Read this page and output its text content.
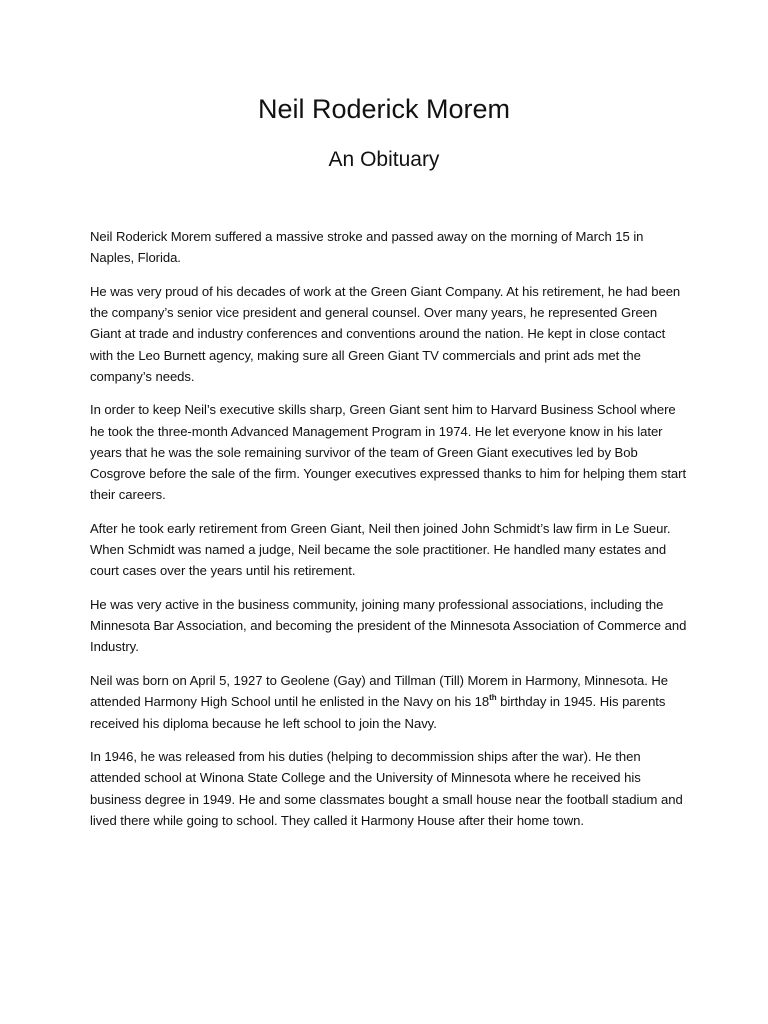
Neil Roderick Morem
An Obituary

Neil Roderick Morem suffered a massive stroke and passed away on the morning of March 15 in Naples, Florida.

He was very proud of his decades of work at the Green Giant Company. At his retirement, he had been the company’s senior vice president and general counsel. Over many years, he represented Green Giant at trade and industry conferences and conventions around the nation. He kept in close contact with the Leo Burnett agency, making sure all Green Giant TV commercials and print ads met the company’s needs.

In order to keep Neil’s executive skills sharp, Green Giant sent him to Harvard Business School where he took the three-month Advanced Management Program in 1974. He let everyone know in his later years that he was the sole remaining survivor of the team of Green Giant executives led by Bob Cosgrove before the sale of the firm. Younger executives expressed thanks to him for helping them start their careers.

After he took early retirement from Green Giant, Neil then joined John Schmidt’s law firm in Le Sueur. When Schmidt was named a judge, Neil became the sole practitioner. He handled many estates and court cases over the years until his retirement.

He was very active in the business community, joining many professional associations, including the Minnesota Bar Association, and becoming the president of the Minnesota Association of Commerce and Industry.

Neil was born on April 5, 1927 to Geolene (Gay) and Tillman (Till) Morem in Harmony, Minnesota. He attended Harmony High School until he enlisted in the Navy on his 18th birthday in 1945. His parents received his diploma because he left school to join the Navy.

In 1946, he was released from his duties (helping to decommission ships after the war). He then attended school at Winona State College and the University of Minnesota where he received his business degree in 1949. He and some classmates bought a small house near the football stadium and lived there while going to school. They called it Harmony House after their home town.
